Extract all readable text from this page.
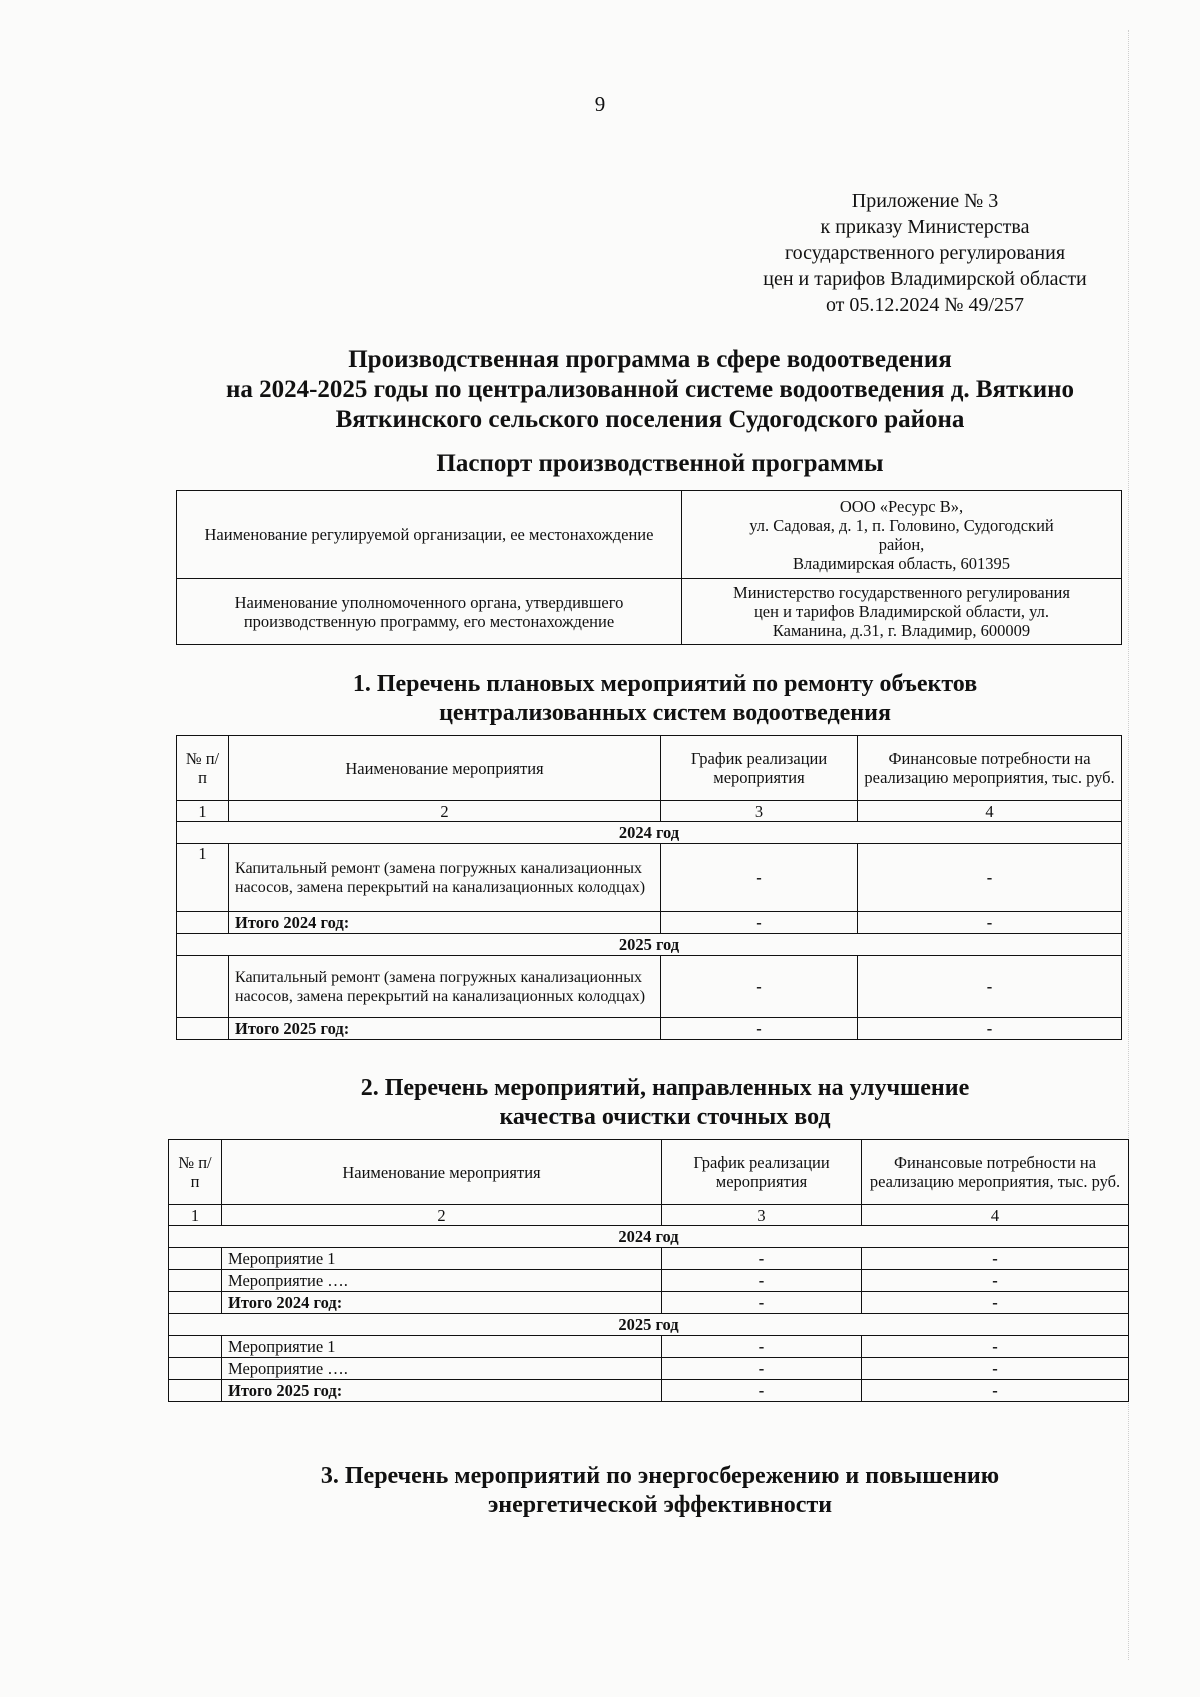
9
Приложение № 3
к приказу Министерства
государственного регулирования
цен и тарифов Владимирской области
от 05.12.2024 № 49/257
Производственная программа в сфере водоотведения
на 2024-2025 годы по централизованной системе водоотведения д. Вяткино
Вяткинского сельского поселения Судогодского района
Паспорт производственной программы
Наименование регулируемой организации, ее местонахождение	ООО «Ресурс В»,
ул. Садовая, д. 1, п. Головино, Судогодский
район,
Владимирская область, 601395

Наименование уполномоченного органа, утвердившего производственную программу, его местонахождение	Министерство государственного регулирования
цен и тарифов Владимирской области, ул.
Каманина, д.31, г. Владимир, 600009
1. Перечень плановых мероприятий по ремонту объектов
централизованных систем водоотведения
№ п/п	Наименование мероприятия	График реализации мероприятия	Финансовые потребности на реализацию мероприятия, тыс. руб.
1	2	3	4
2024 год			
1	Капитальный ремонт (замена погружных канализационных насосов, замена перекрытий на канализационных колодцах)	-	-
	Итого 2024 год:	-	-
2025 год			
	Капитальный ремонт (замена погружных канализационных насосов, замена перекрытий на канализационных колодцах)	-	-
	Итого 2025 год:	-	-
2. Перечень мероприятий, направленных на улучшение
качества очистки сточных вод
№ п/п	Наименование мероприятия	График реализации мероприятия	Финансовые потребности на реализацию мероприятия, тыс. руб.
1	2	3	4
2024 год			
	Мероприятие 1	-	-
	Мероприятие ….	-	-
	Итого 2024 год:	-	-
2025 год			
	Мероприятие 1	-	-
	Мероприятие ….	-	-
	Итого 2025 год:	-	-
3. Перечень мероприятий по энергосбережению и повышению
энергетической эффективности
